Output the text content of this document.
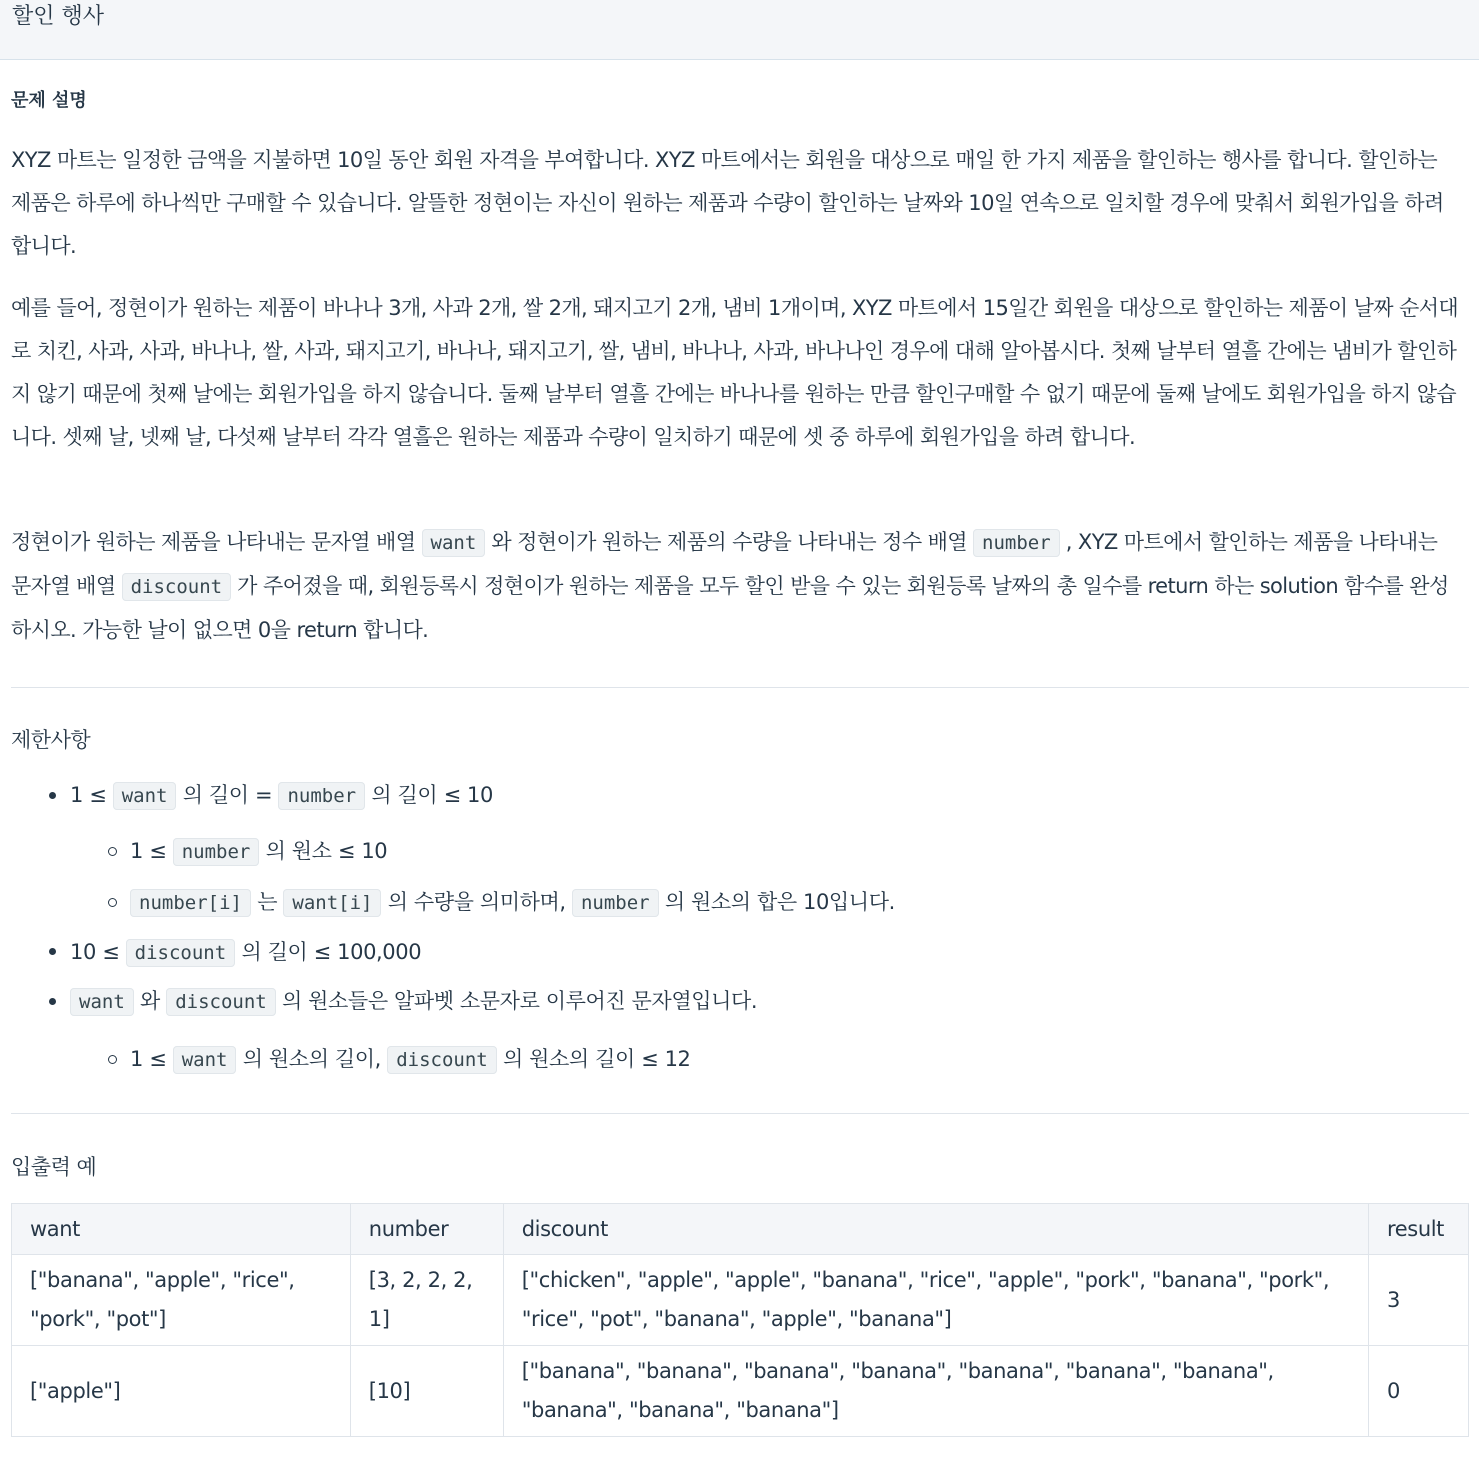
할인 행사
문제 설명
XYZ 마트는 일정한 금액을 지불하면 10일 동안 회원 자격을 부여합니다. XYZ 마트에서는 회원을 대상으로 매일 한 가지 제품을 할인하는 행사를 합니다. 할인하는 제품은 하루에 하나씩만 구매할 수 있습니다. 알뜰한 정현이는 자신이 원하는 제품과 수량이 할인하는 날짜와 10일 연속으로 일치할 경우에 맞춰서 회원가입을 하려 합니다.
예를 들어, 정현이가 원하는 제품이 바나나 3개, 사과 2개, 쌀 2개, 돼지고기 2개, 냄비 1개이며, XYZ 마트에서 15일간 회원을 대상으로 할인하는 제품이 날짜 순서대로 치킨, 사과, 사과, 바나나, 쌀, 사과, 돼지고기, 바나나, 돼지고기, 쌀, 냄비, 바나나, 사과, 바나나인 경우에 대해 알아봅시다. 첫째 날부터 열흘 간에는 냄비가 할인하지 않기 때문에 첫째 날에는 회원가입을 하지 않습니다. 둘째 날부터 열흘 간에는 바나나를 원하는 만큼 할인구매할 수 없기 때문에 둘째 날에도 회원가입을 하지 않습니다. 셋째 날, 넷째 날, 다섯째 날부터 각각 열흘은 원하는 제품과 수량이 일치하기 때문에 셋 중 하루에 회원가입을 하려 합니다.
정현이가 원하는 제품을 나타내는 문자열 배열 want 와 정현이가 원하는 제품의 수량을 나타내는 정수 배열 number , XYZ 마트에서 할인하는 제품을 나타내는 문자열 배열 discount 가 주어졌을 때, 회원등록시 정현이가 원하는 제품을 모두 할인 받을 수 있는 회원등록 날짜의 총 일수를 return 하는 solution 함수를 완성하시오. 가능한 날이 없으면 0을 return 합니다.
제한사항
1 ≤ want 의 길이 = number 의 길이 ≤ 10
1 ≤ number 의 원소 ≤ 10
number[i] 는 want[i] 의 수량을 의미하며, number 의 원소의 합은 10입니다.
10 ≤ discount 의 길이 ≤ 100,000
want 와 discount 의 원소들은 알파벳 소문자로 이루어진 문자열입니다.
1 ≤ want 의 원소의 길이, discount 의 원소의 길이 ≤ 12
입출력 예
want	number	discount	result
["banana", "apple", "rice", "pork", "pot"]	[3, 2, 2, 2, 1]	["chicken", "apple", "apple", "banana", "rice", "apple", "pork", "banana", "pork", "rice", "pot", "banana", "apple", "banana"]	3
["apple"]	[10]	["banana", "banana", "banana", "banana", "banana", "banana", "banana", "banana", "banana", "banana"]	0
